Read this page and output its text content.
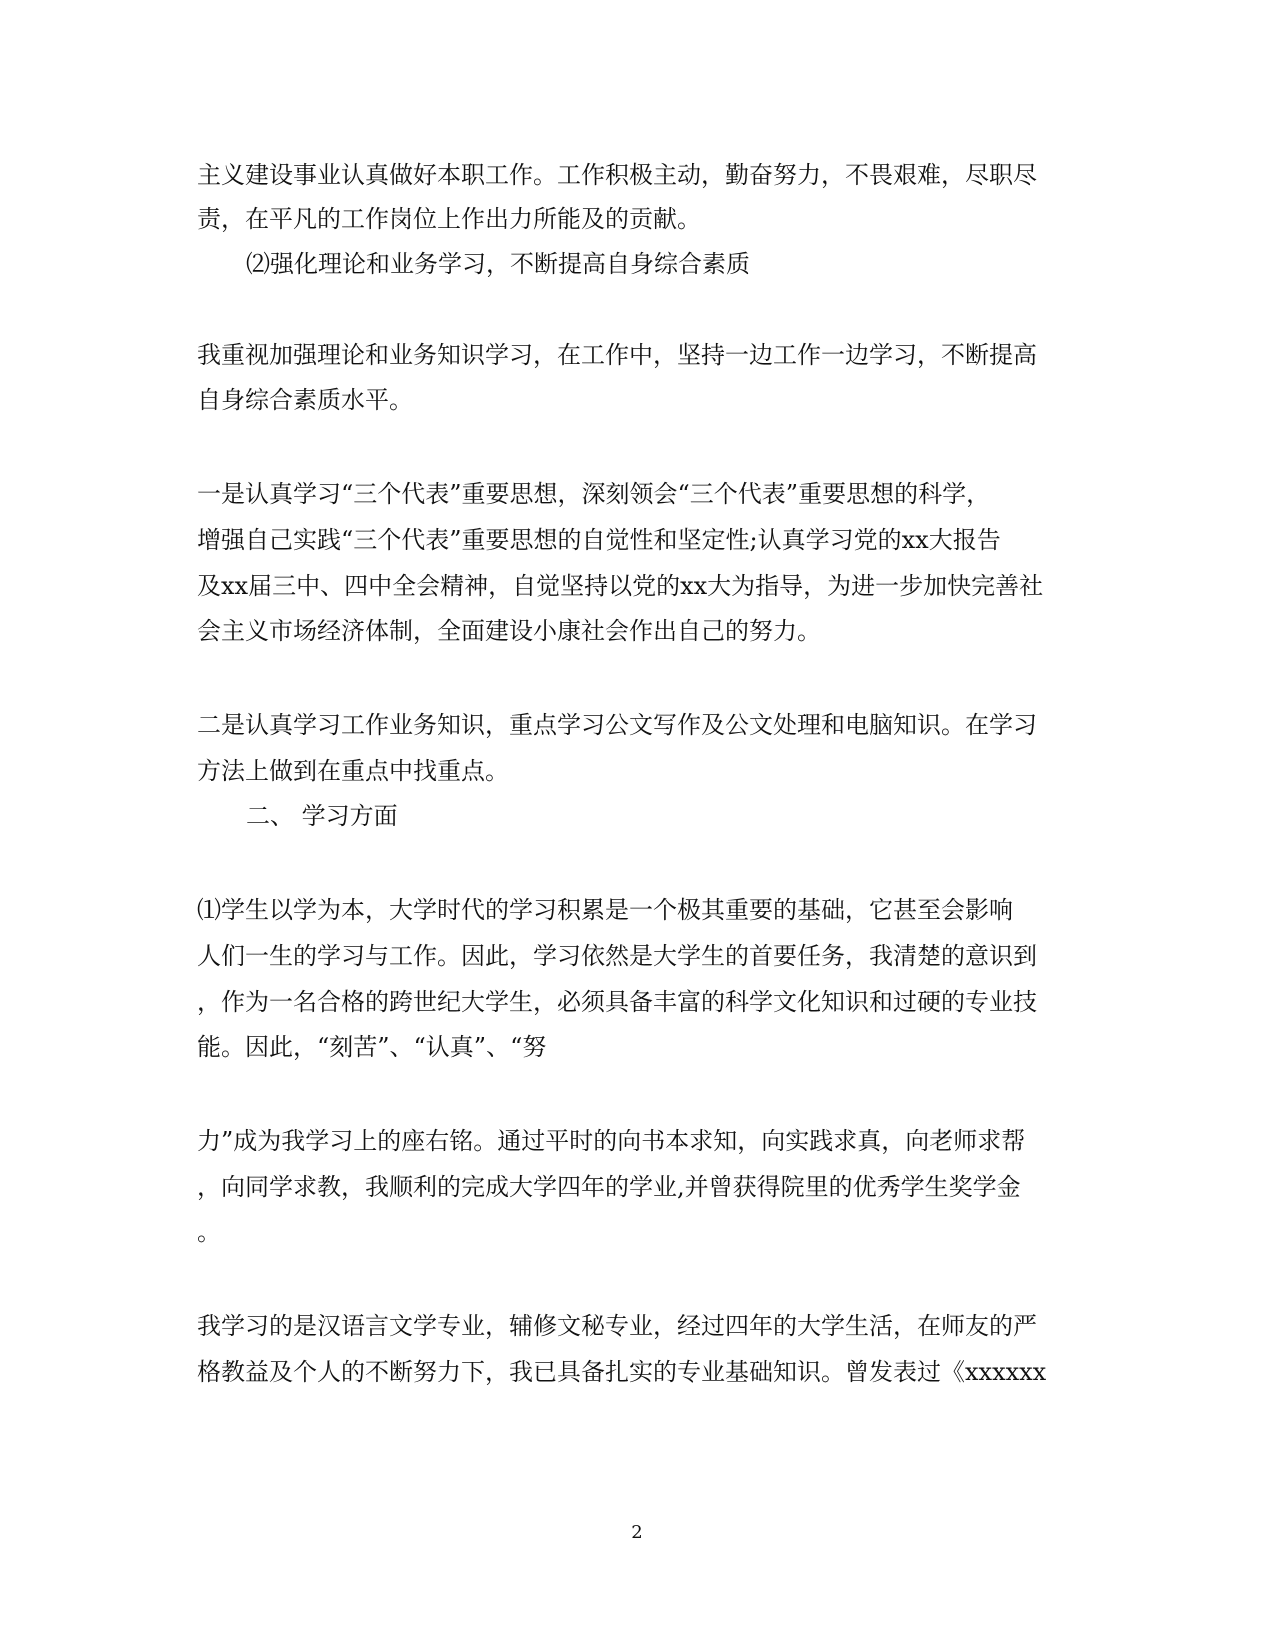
主义建设事业认真做好本职工作。工作积极主动，勤奋努力，不畏艰难，尽职尽
责，在平凡的工作岗位上作出力所能及的贡献。
⑵强化理论和业务学习，不断提高自身综合素质
我重视加强理论和业务知识学习，在工作中，坚持一边工作一边学习，不断提高
自身综合素质水平。
一是认真学习“三个代表”重要思想，深刻领会“三个代表”重要思想的科学，
增强自己实践“三个代表”重要思想的自觉性和坚定性;认真学习党的xx大报告
及xx届三中、四中全会精神，自觉坚持以党的xx大为指导，为进一步加快完善社
会主义市场经济体制，全面建设小康社会作出自己的努力。
二是认真学习工作业务知识，重点学习公文写作及公文处理和电脑知识。在学习
方法上做到在重点中找重点。
二、 学习方面
⑴学生以学为本，大学时代的学习积累是一个极其重要的基础，它甚至会影响
人们一生的学习与工作。因此，学习依然是大学生的首要任务，我清楚的意识到
，作为一名合格的跨世纪大学生，必须具备丰富的科学文化知识和过硬的专业技
能。因此，“刻苦”、“认真”、“努
力”成为我学习上的座右铭。通过平时的向书本求知，向实践求真，向老师求帮
，向同学求教，我顺利的完成大学四年的学业,并曾获得院里的优秀学生奖学金
。
我学习的是汉语言文学专业，辅修文秘专业，经过四年的大学生活，在师友的严
格教益及个人的不断努力下，我已具备扎实的专业基础知识。曾发表过《xxxxxx
2
